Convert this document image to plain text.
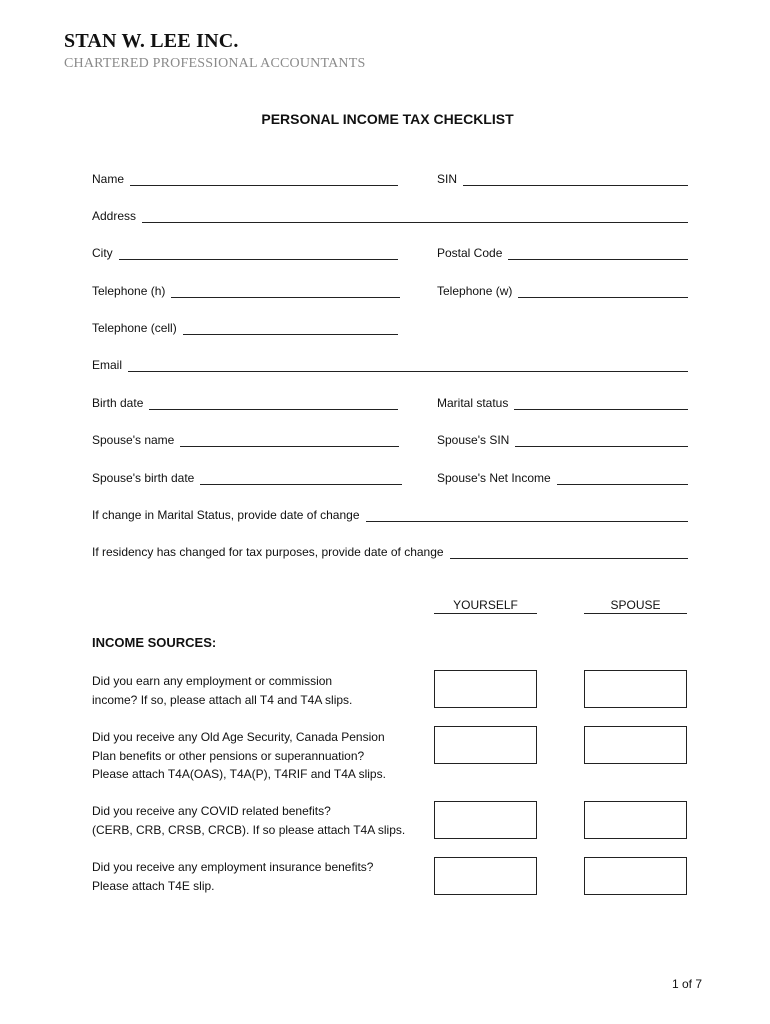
STAN W. LEE INC.
CHARTERED PROFESSIONAL ACCOUNTANTS
PERSONAL INCOME TAX CHECKLIST
Name	SIN
Address
City	Postal Code
Telephone (h)	Telephone (w)
Telephone (cell)
Email
Birth date	Marital status
Spouse's name	Spouse's SIN
Spouse's birth date	Spouse's Net Income
If change in Marital Status, provide date of change
If residency has changed for tax purposes, provide date of change
YOURSELF	SPOUSE
INCOME SOURCES:
Did you earn any employment or commission
income? If so, please attach all T4 and T4A slips.
Did you receive any Old Age Security, Canada Pension
Plan benefits or other pensions or superannuation?
Please attach T4A(OAS), T4A(P), T4RIF and T4A slips.
Did you receive any COVID related benefits?
(CERB, CRB, CRSB, CRCB). If so please attach T4A slips.
Did you receive any employment insurance benefits?
Please attach T4E slip.
1 of 7
